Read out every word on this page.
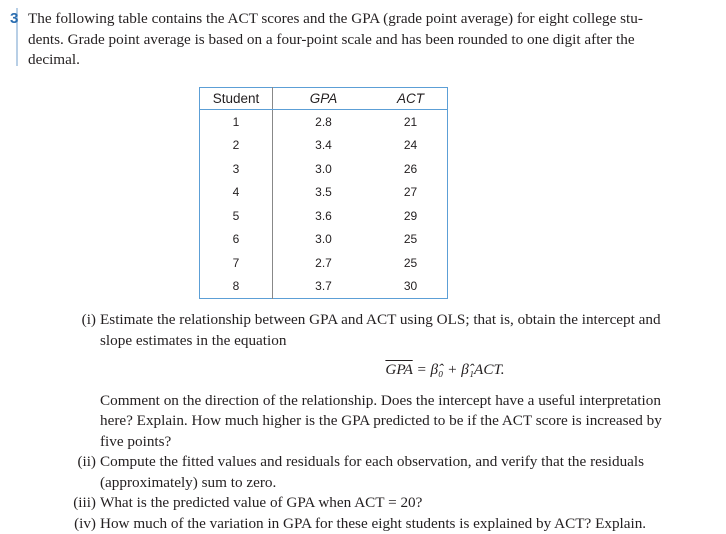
3 The following table contains the ACT scores and the GPA (grade point average) for eight college stu-

dents. Grade point average is based on a four-point scale and has been rounded to one digit after the

decimal.

Student	GPA	ACT
1	2.8	21
2	3.4	24
3	3.0	26
4	3.5	27
5	3.6	29
6	3.0	25
7	2.7	25
8	3.7	30
(i) Estimate the relationship between GPA and ACT using OLS; that is, obtain the intercept and

slope estimates in the equation

$\overline{GPA}$ = β̂₀ + β̂₁ACT.

Comment on the direction of the relationship. Does the intercept have a useful interpretation

here? Explain. How much higher is the GPA predicted to be if the ACT score is increased by

five points?

(ii) Compute the fitted values and residuals for each observation, and verify that the residuals

(approximately) sum to zero.

(iii) What is the predicted value of GPA when ACT = 20?

(iv) How much of the variation in GPA for these eight students is explained by ACT? Explain.
